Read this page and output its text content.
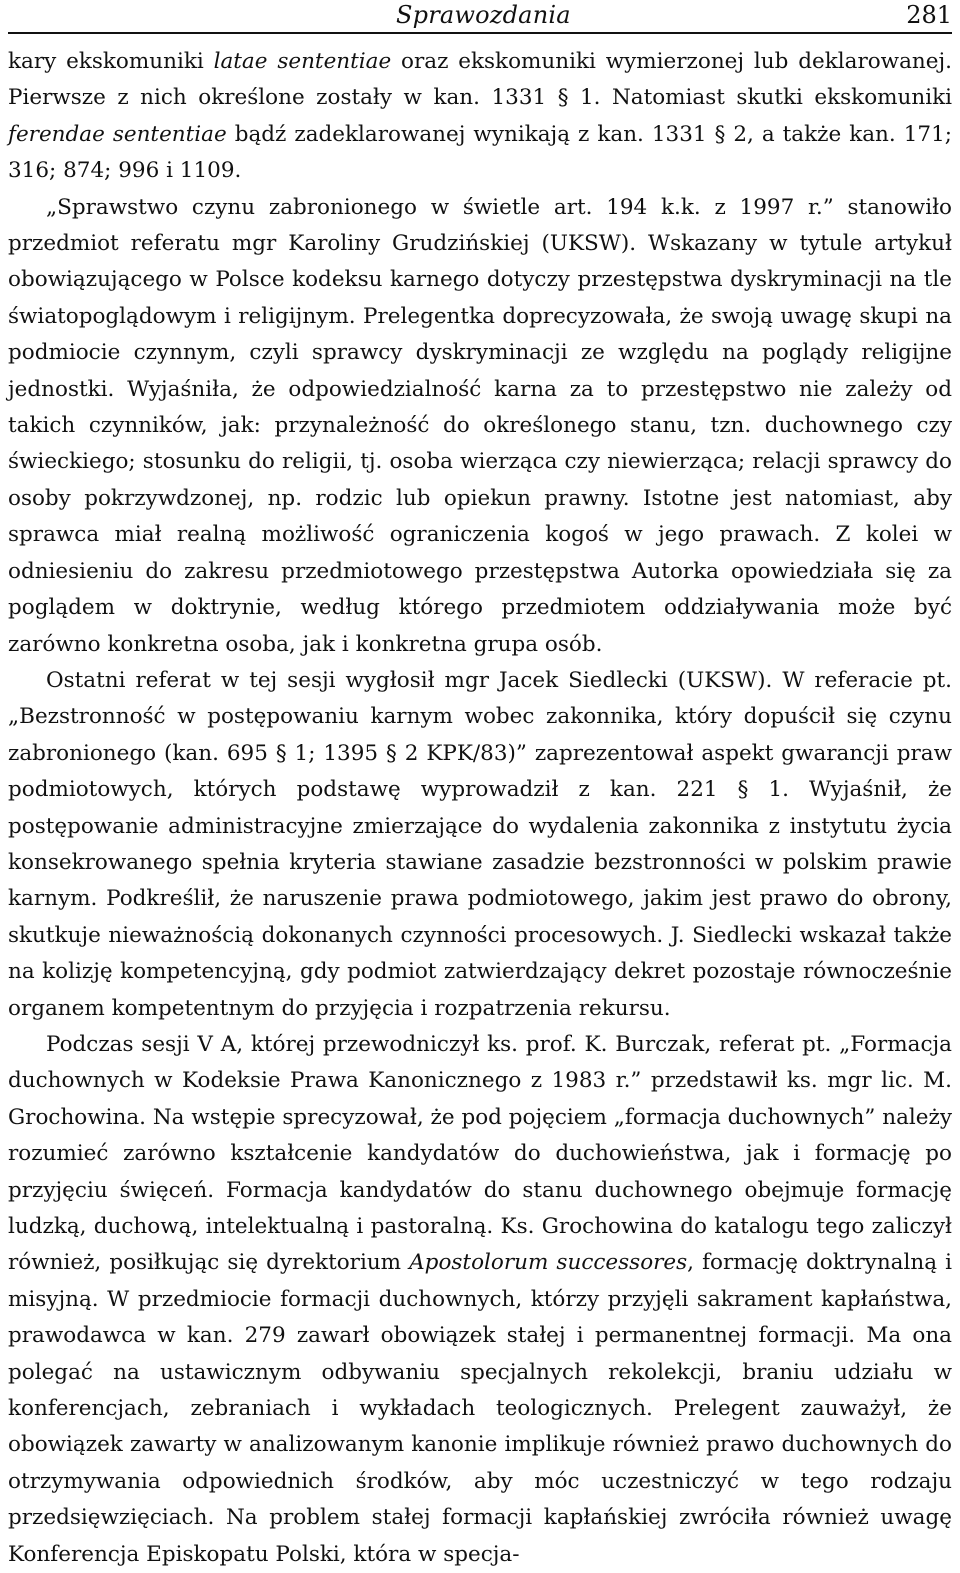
Sprawozdania	281

kary ekskomuniki latae sententiae oraz ekskomuniki wymierzonej lub deklarowanej. Pierwsze z nich określone zostały w kan. 1331 § 1. Natomiast skutki ekskomuniki ferendae sententiae bądź zadeklarowanej wynikają z kan. 1331 § 2, a także kan. 171; 316; 874; 996 i 1109.

„Sprawstwo czynu zabronionego w świetle art. 194 k.k. z 1997 r.” stanowiło przedmiot referatu mgr Karoliny Grudzińskiej (UKSW). Wskazany w tytule artykuł obowiązującego w Polsce kodeksu karnego dotyczy przestępstwa dyskryminacji na tle światopoglądowym i religijnym. Prelegentka doprecyzowała, że swoją uwagę skupi na podmiocie czynnym, czyli sprawcy dyskryminacji ze względu na poglądy religijne jednostki. Wyjaśniła, że odpowiedzialność karna za to przestępstwo nie zależy od takich czynników, jak: przynależność do określonego stanu, tzn. duchownego czy świeckiego; stosunku do religii, tj. osoba wierząca czy niewierząca; relacji sprawcy do osoby pokrzywdzonej, np. rodzic lub opiekun prawny. Istotne jest natomiast, aby sprawca miał realną możliwość ograniczenia kogoś w jego prawach. Z kolei w odniesieniu do zakresu przedmiotowego przestępstwa Autorka opowiedziała się za poglądem w doktrynie, według którego przedmiotem oddziaływania może być zarówno konkretna osoba, jak i konkretna grupa osób.

Ostatni referat w tej sesji wygłosił mgr Jacek Siedlecki (UKSW). W referacie pt. „Bezstronność w postępowaniu karnym wobec zakonnika, który dopuścił się czynu zabronionego (kan. 695 § 1; 1395 § 2 KPK/83)” zaprezentował aspekt gwarancji praw podmiotowych, których podstawę wyprowadził z kan. 221 § 1. Wyjaśnił, że postępowanie administracyjne zmierzające do wydalenia zakonnika z instytutu życia konsekrowanego spełnia kryteria stawiane zasadzie bezstronności w polskim prawie karnym. Podkreślił, że naruszenie prawa podmiotowego, jakim jest prawo do obrony, skutkuje nieważnością dokonanych czynności procesowych. J. Siedlecki wskazał także na kolizję kompetencyjną, gdy podmiot zatwierdzający dekret pozostaje równocześnie organem kompetentnym do przyjęcia i rozpatrzenia rekursu.

Podczas sesji V A, której przewodniczył ks. prof. K. Burczak, referat pt. „Formacja duchownych w Kodeksie Prawa Kanonicznego z 1983 r.” przedstawił ks. mgr lic. M. Grochowina. Na wstępie sprecyzował, że pod pojęciem „formacja duchownych” należy rozumieć zarówno kształcenie kandydatów do duchowieństwa, jak i formację po przyjęciu święceń. Formacja kandydatów do stanu duchownego obejmuje formację ludzką, duchową, intelektualną i pastoralną. Ks. Grochowina do katalogu tego zaliczył również, posiłkując się dyrektorium Apostolorum successores, formację doktrynalną i misyjną. W przedmiocie formacji duchownych, którzy przyjęli sakrament kapłaństwa, prawodawca w kan. 279 zawarł obowiązek stałej i permanentnej formacji. Ma ona polegać na ustawicznym odbywaniu specjalnych rekolekcji, braniu udziału w konferencjach, zebraniach i wykładach teologicznych. Prelegent zauważył, że obowiązek zawarty w analizowanym kanonie implikuje również prawo duchownych do otrzymywania odpowiednich środków, aby móc uczestniczyć w tego rodzaju przedsięwzięciach. Na problem stałej formacji kapłańskiej zwróciła również uwagę Konferencja Episkopatu Polski, która w specja-
